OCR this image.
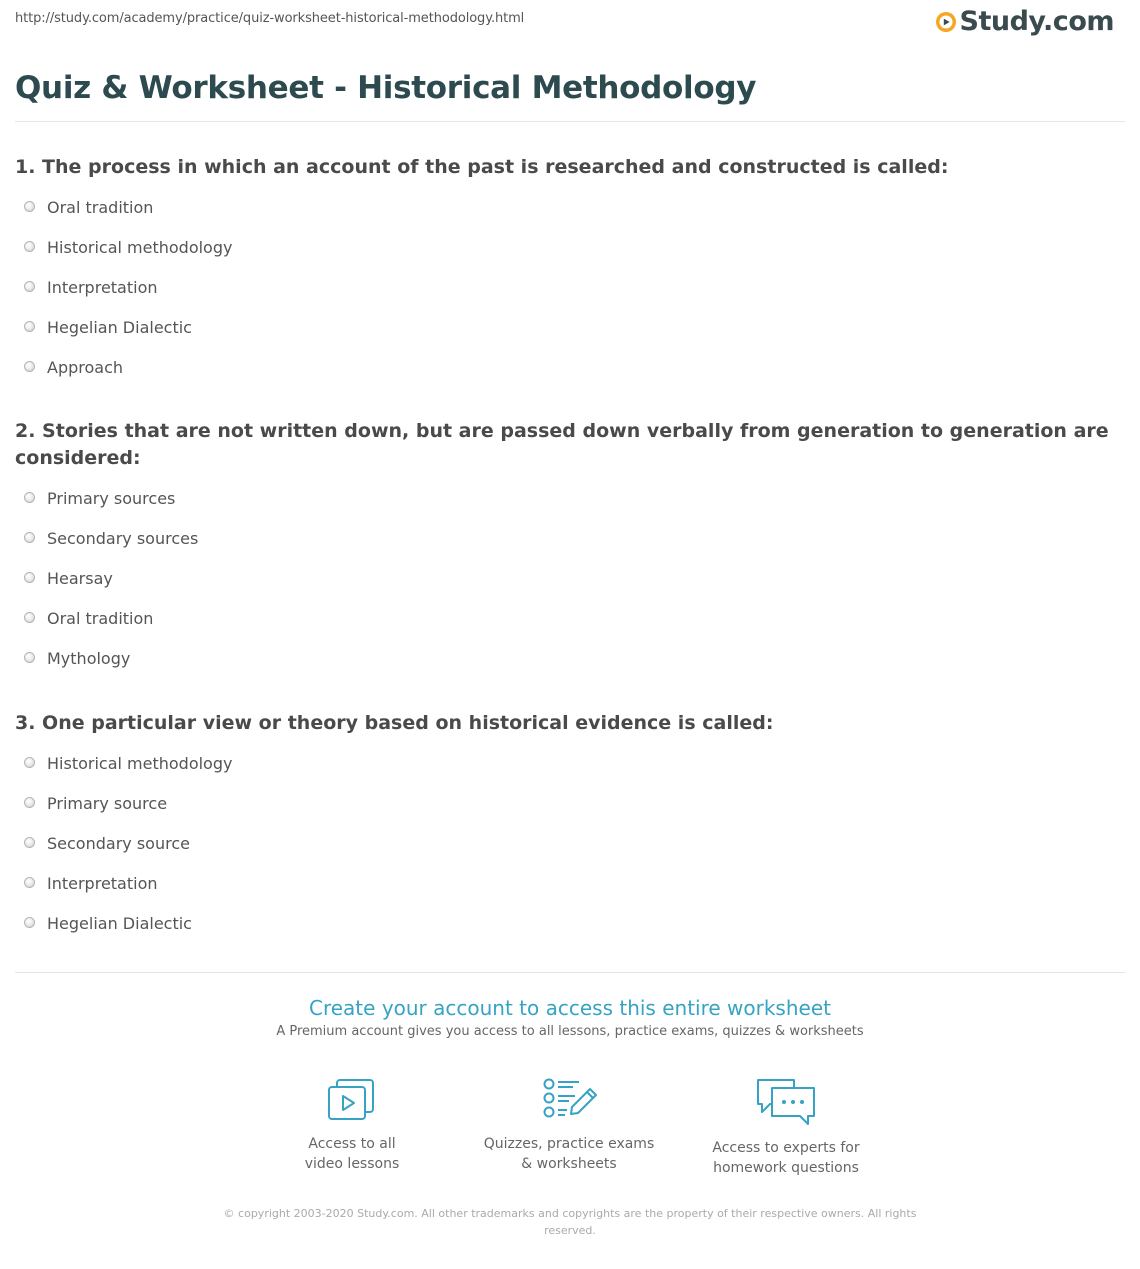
http://study.com/academy/practice/quiz-worksheet-historical-methodology.html	Study.com
Quiz & Worksheet - Historical Methodology
1. The process in which an account of the past is researched and constructed is called:
Oral tradition
Historical methodology
Interpretation
Hegelian Dialectic
Approach
2. Stories that are not written down, but are passed down verbally from generation to generation are considered:
Primary sources
Secondary sources
Hearsay
Oral tradition
Mythology
3. One particular view or theory based on historical evidence is called:
Historical methodology
Primary source
Secondary source
Interpretation
Hegelian Dialectic
Create your account to access this entire worksheet
A Premium account gives you access to all lessons, practice exams, quizzes & worksheets
Access to all
video lessons
Quizzes, practice exams
& worksheets
Access to experts for
homework questions
© copyright 2003-2020 Study.com. All other trademarks and copyrights are the property of their respective owners. All rights reserved.
